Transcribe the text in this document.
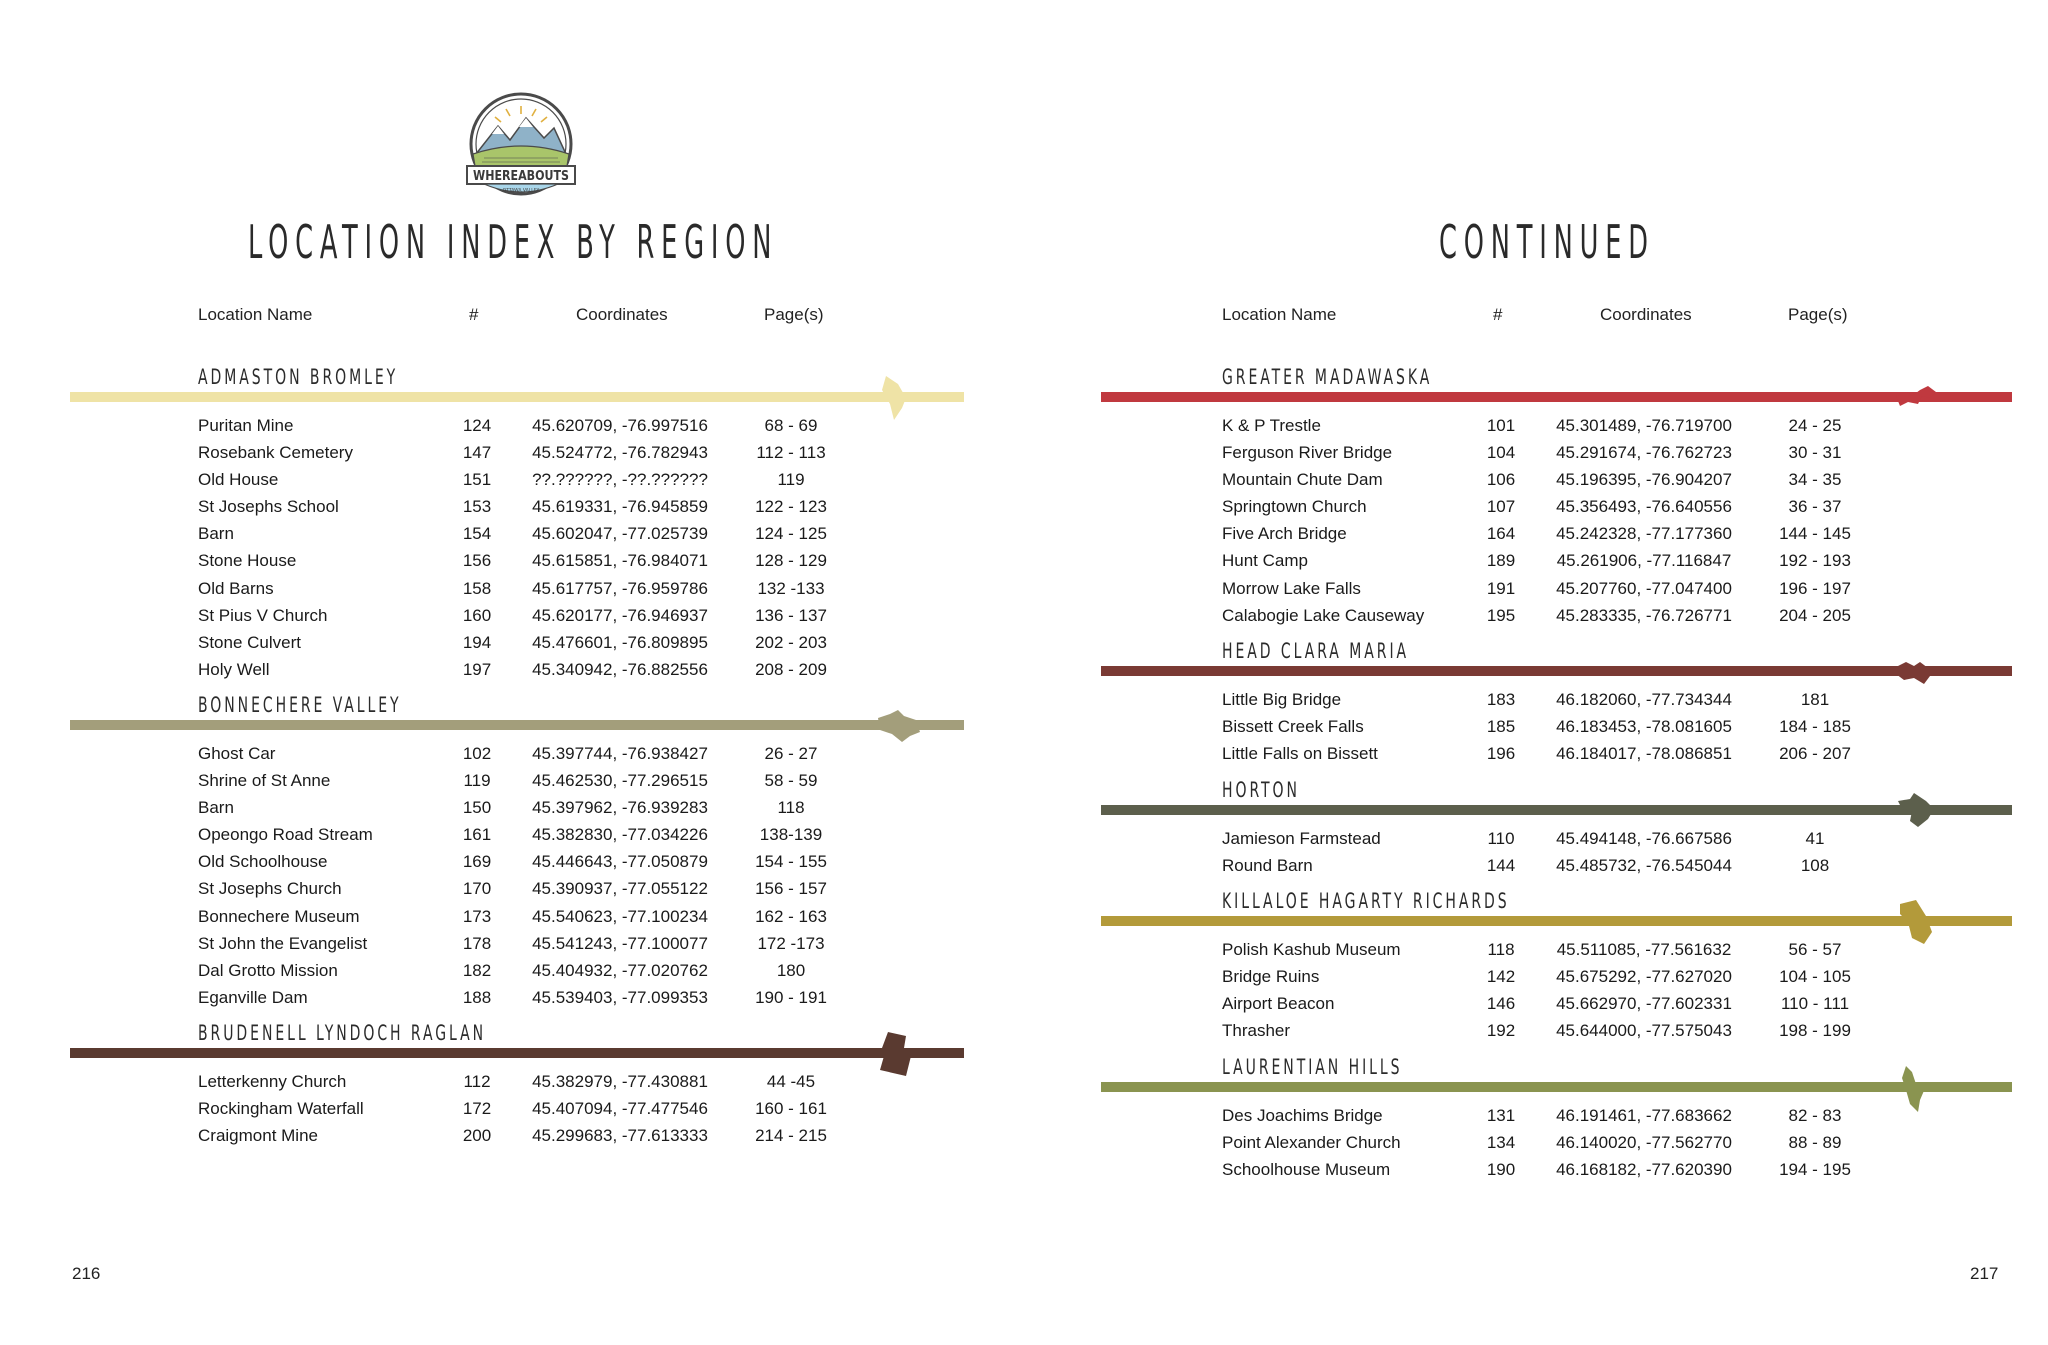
WHEREABOUTS
OTTAWA VALLEY
LOCATION INDEX BY REGION
Location Name	#	Coordinates	Page(s)
ADMASTON BROMLEY
Puritan Mine	124	45.620709, -76.997516	68 - 69
Rosebank Cemetery	147	45.524772, -76.782943	112 - 113
Old House	151	??.??????, -??.??????	119
St Josephs School	153	45.619331, -76.945859	122 - 123
Barn	154	45.602047, -77.025739	124 - 125
Stone House	156	45.615851, -76.984071	128 - 129
Old Barns	158	45.617757, -76.959786	132 -133
St Pius V Church	160	45.620177, -76.946937	136 - 137
Stone Culvert	194	45.476601, -76.809895	202 - 203
Holy Well	197	45.340942, -76.882556	208 - 209
BONNECHERE VALLEY
Ghost Car	102	45.397744, -76.938427	26 - 27
Shrine of St Anne	119	45.462530, -77.296515	58 - 59
Barn	150	45.397962, -76.939283	118
Opeongo Road Stream	161	45.382830, -77.034226	138-139
Old Schoolhouse	169	45.446643, -77.050879	154 - 155
St Josephs Church	170	45.390937, -77.055122	156 - 157
Bonnechere Museum	173	45.540623, -77.100234	162 - 163
St John the Evangelist	178	45.541243, -77.100077	172 -173
Dal Grotto Mission	182	45.404932, -77.020762	180
Eganville Dam	188	45.539403, -77.099353	190 - 191
BRUDENELL LYNDOCH RAGLAN
Letterkenny Church	112	45.382979, -77.430881	44 -45
Rockingham Waterfall	172	45.407094, -77.477546	160 - 161
Craigmont Mine	200	45.299683, -77.613333	214 - 215
216
CONTINUED
Location Name	#	Coordinates	Page(s)
GREATER MADAWASKA
K & P Trestle	101	45.301489, -76.719700	24 - 25
Ferguson River Bridge	104	45.291674, -76.762723	30 - 31
Mountain Chute Dam	106	45.196395, -76.904207	34 - 35
Springtown Church	107	45.356493, -76.640556	36 - 37
Five Arch Bridge	164	45.242328, -77.177360	144 - 145
Hunt Camp	189	45.261906, -77.116847	192 - 193
Morrow Lake Falls	191	45.207760, -77.047400	196 - 197
Calabogie Lake Causeway	195	45.283335, -76.726771	204 - 205
HEAD CLARA MARIA
Little Big Bridge	183	46.182060, -77.734344	181
Bissett Creek Falls	185	46.183453, -78.081605	184 - 185
Little Falls on Bissett	196	46.184017, -78.086851	206 - 207
HORTON
Jamieson Farmstead	110	45.494148, -76.667586	41
Round Barn	144	45.485732, -76.545044	108
KILLALOE HAGARTY RICHARDS
Polish Kashub Museum	118	45.511085, -77.561632	56 - 57
Bridge Ruins	142	45.675292, -77.627020	104 - 105
Airport Beacon	146	45.662970, -77.602331	110 - 111
Thrasher	192	45.644000, -77.575043	198 - 199
LAURENTIAN HILLS
Des Joachims Bridge	131	46.191461, -77.683662	82 - 83
Point Alexander Church	134	46.140020, -77.562770	88 - 89
Schoolhouse Museum	190	46.168182, -77.620390	194 - 195
217
